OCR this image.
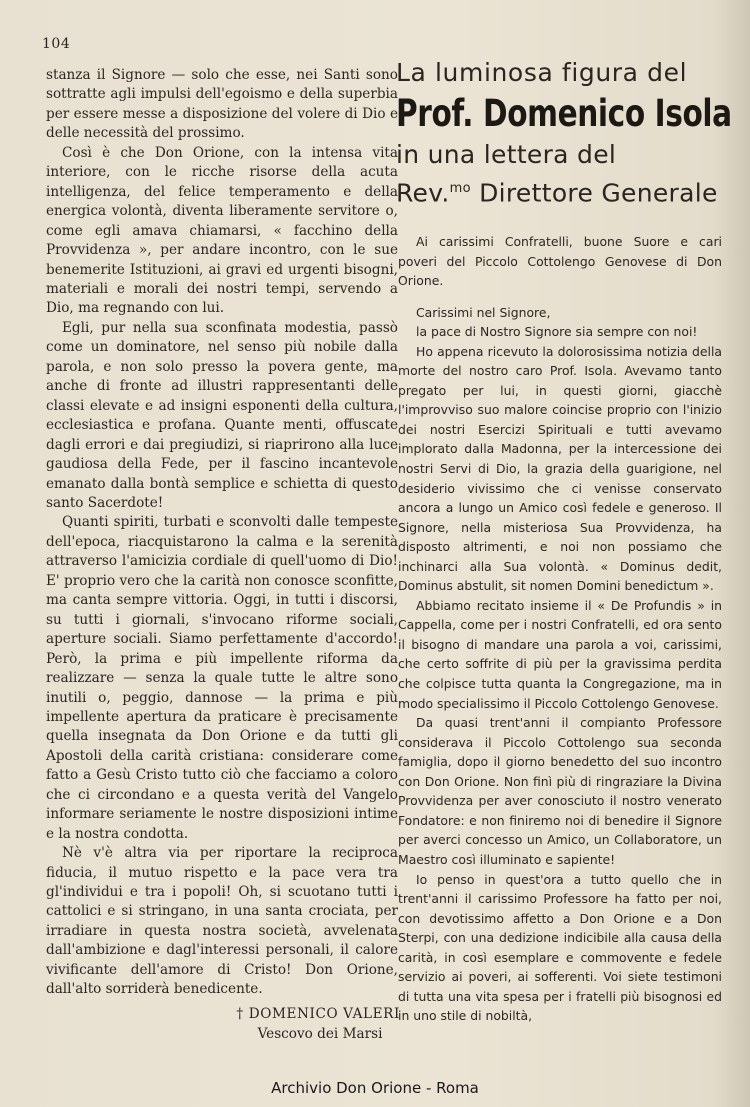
104

stanza il Signore — solo che esse, nei Santi sono sottratte agli impulsi dell'egoismo e della superbia per essere messe a disposizione del volere di Dio e delle necessità del prossimo.

Così è che Don Orione, con la intensa vita interiore, con le ricche risorse della acuta intelligenza, del felice temperamento e della energica volontà, diventa liberamente servitore o, come egli amava chiamarsi, « facchino della Provvidenza », per andare incontro, con le sue benemerite Istituzioni, ai gravi ed urgenti bisogni, materiali e morali dei nostri tempi, servendo a Dio, ma regnando con lui.

Egli, pur nella sua sconfinata modestia, passò come un dominatore, nel senso più nobile dalla parola, e non solo presso la povera gente, ma anche di fronte ad illustri rappresentanti delle classi elevate e ad insigni esponenti della cultura, ecclesiastica e profana. Quante menti, offuscate dagli errori e dai pregiudizi, si riaprirono alla luce gaudiosa della Fede, per il fascino incantevole emanato dalla bontà semplice e schietta di questo santo Sacerdote!

Quanti spiriti, turbati e sconvolti dalle tempeste dell'epoca, riacquistarono la calma e la serenità attraverso l'amicizia cordiale di quell'uomo di Dio! E' proprio vero che la carità non conosce sconfitte, ma canta sempre vittoria. Oggi, in tutti i discorsi, su tutti i giornali, s'invocano riforme sociali, aperture sociali. Siamo perfettamente d'accordo! Però, la prima e più impellente riforma da realizzare — senza la quale tutte le altre sono inutili o, peggio, dannose — la prima e più impellente apertura da praticare è precisamente quella insegnata da Don Orione e da tutti gli Apostoli della carità cristiana: considerare come fatto a Gesù Cristo tutto ciò che facciamo a coloro che ci circondano e a questa verità del Vangelo informare seriamente le nostre disposizioni intime e la nostra condotta.

Nè v'è altra via per riportare la reciproca fiducia, il mutuo rispetto e la pace vera tra gl'individui e tra i popoli! Oh, si scuotano tutti i cattolici e si stringano, in una santa crociata, per irradiare in questa nostra società, avvelenata dall'ambizione e dagl'interessi personali, il calore vivificante dell'amore di Cristo! Don Orione, dall'alto sorriderà benedicente.

† DOMENICO VALERI
Vescovo dei Marsi
La luminosa figura del
Prof. Domenico Isola
in una lettera del
Rev.$^{mo}$ Direttore Generale

Ai carissimi Confratelli, buone Suore e cari poveri del Piccolo Cottolengo Genovese di Don Orione.

Carissimi nel Signore,

la pace di Nostro Signore sia sempre con noi!

Ho appena ricevuto la dolorosissima notizia della morte del nostro caro Prof. Isola. Avevamo tanto pregato per lui, in questi giorni, giacchè l'improvviso suo malore coincise proprio con l'inizio dei nostri Esercizi Spirituali e tutti avevamo implorato dalla Madonna, per la intercessione dei nostri Servi di Dio, la grazia della guarigione, nel desiderio vivissimo che ci venisse conservato ancora a lungo un Amico così fedele e generoso. Il Signore, nella misteriosa Sua Provvidenza, ha disposto altrimenti, e noi non possiamo che inchinarci alla Sua volontà. « Dominus dedit, Dominus abstulit, sit nomen Domini benedictum ».

Abbiamo recitato insieme il « De Profundis » in Cappella, come per i nostri Confratelli, ed ora sento il bisogno di mandare una parola a voi, carissimi, che certo soffrite di più per la gravissima perdita che colpisce tutta quanta la Congregazione, ma in modo specialissimo il Piccolo Cottolengo Genovese.

Da quasi trent'anni il compianto Professore considerava il Piccolo Cottolengo sua seconda famiglia, dopo il giorno benedetto del suo incontro con Don Orione. Non finì più di ringraziare la Divina Provvidenza per aver conosciuto il nostro venerato Fondatore: e non finiremo noi di benedire il Signore per averci concesso un Amico, un Collaboratore, un Maestro così illuminato e sapiente!

Io penso in quest'ora a tutto quello che in trent'anni il carissimo Professore ha fatto per noi, con devotissimo affetto a Don Orione e a Don Sterpi, con una dedizione indicibile alla causa della carità, in così esemplare e commovente e fedele servizio ai poveri, ai sofferenti. Voi siete testimoni di tutta una vita spesa per i fratelli più bisognosi ed in uno stile di nobiltà,

Archivio Don Orione - Roma
